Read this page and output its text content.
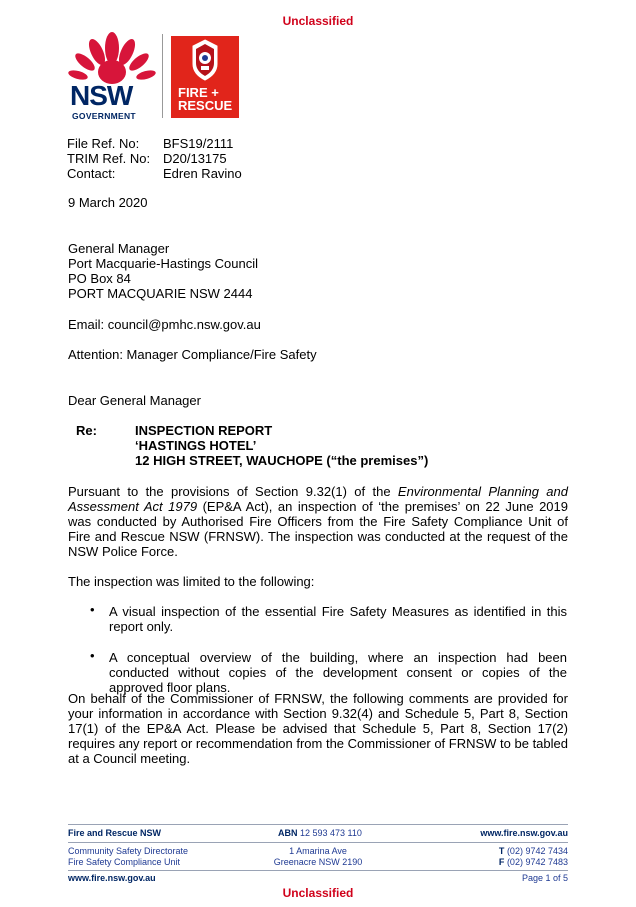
Unclassified
NSW
GOVERNMENT
FIRE +
RESCUE
File Ref. No: BFS19/2111
TRIM Ref. No: D20/13175
Contact:	Edren Ravino
9 March 2020
General Manager
Port Macquarie-Hastings Council
PO Box 84
PORT MACQUARIE NSW 2444
Email: council@pmhc.nsw.gov.au
Attention: Manager Compliance/Fire Safety
Dear General Manager
Re:	INSPECTION REPORT
‘HASTINGS HOTEL’
12 HIGH STREET, WAUCHOPE (“the premises”)
Pursuant to the provisions of Section 9.32(1) of the Environmental Planning and Assessment Act 1979 (EP&A Act), an inspection of ‘the premises’ on 22 June 2019 was conducted by Authorised Fire Officers from the Fire Safety Compliance Unit of Fire and Rescue NSW (FRNSW). The inspection was conducted at the request of the NSW Police Force.
The inspection was limited to the following:
• A visual inspection of the essential Fire Safety Measures as identified in this report only.
• A conceptual overview of the building, where an inspection had been conducted without copies of the development consent or copies of the approved floor plans.
On behalf of the Commissioner of FRNSW, the following comments are provided for your information in accordance with Section 9.32(4) and Schedule 5, Part 8, Section 17(1) of the EP&A Act. Please be advised that Schedule 5, Part 8, Section 17(2) requires any report or recommendation from the Commissioner of FRNSW to be tabled at a Council meeting.
Fire and Rescue NSW	ABN 12 593 473 110	www.fire.nsw.gov.au
Community Safety Directorate
Fire Safety Compliance Unit
1 Amarina Ave
Greenacre NSW 2190
T (02) 9742 7434
F (02) 9742 7483
www.fire.nsw.gov.au	Page 1 of 5
Unclassified
